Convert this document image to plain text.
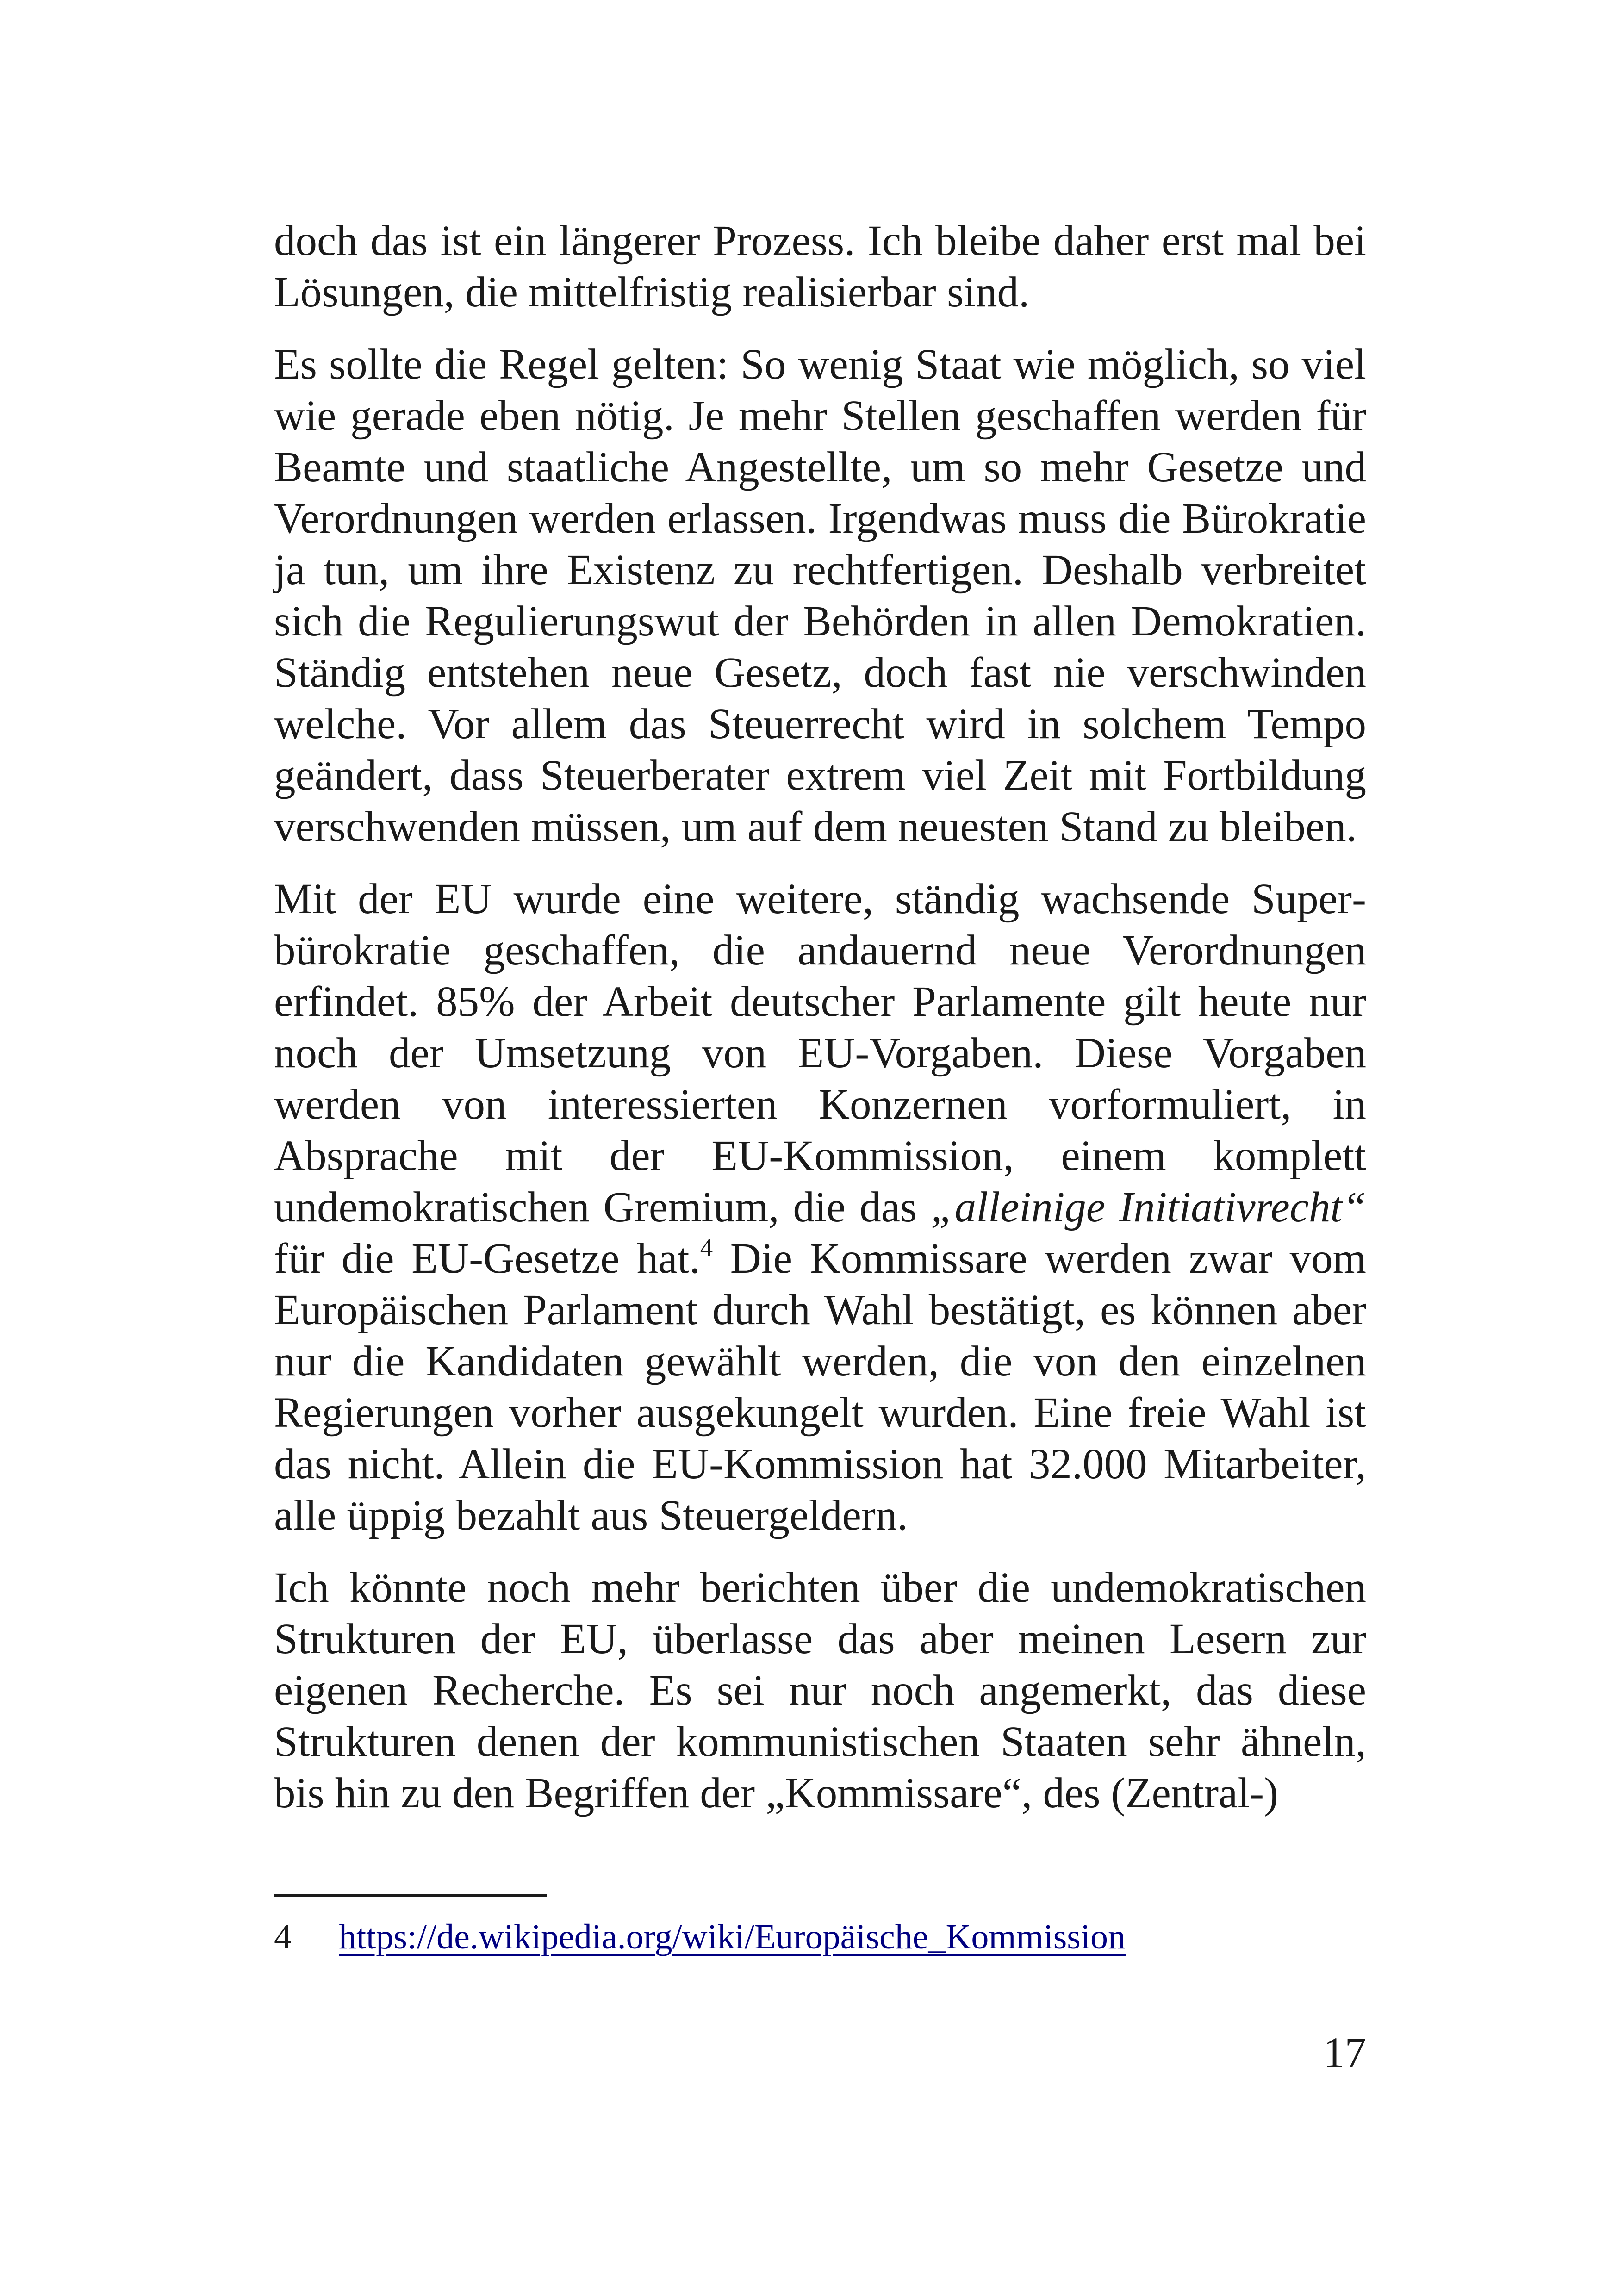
doch das ist ein längerer Prozess. Ich bleibe daher erst mal bei Lösungen, die mittelfristig realisierbar sind.

Es sollte die Regel gelten: So wenig Staat wie möglich, so viel wie gerade eben nötig. Je mehr Stellen geschaffen werden für Beamte und staatliche Angestellte, um so mehr Gesetze und Verordnungen werden erlassen. Irgendwas muss die Bürokratie ja tun, um ihre Existenz zu rechtfertigen. Deshalb verbreitet sich die Regulierungswut der Behörden in allen Demokratien. Ständig entstehen neue Gesetz, doch fast nie verschwinden welche. Vor allem das Steuerrecht wird in solchem Tempo geändert, dass Steuerberater extrem viel Zeit mit Fortbildung verschwenden müssen, um auf dem neuesten Stand zu bleiben.

Mit der EU wurde eine weitere, ständig wachsende Superbürokratie geschaffen, die andauernd neue Verordnungen erfindet. 85% der Arbeit deutscher Parlamente gilt heute nur noch der Umsetzung von EU-Vorgaben. Diese Vorgaben werden von interessierten Konzernen vorformuliert, in Absprache mit der EU-Kommission, einem komplett undemokratischen Gremium, die das „alleinige Initiativrecht“ für die EU-Gesetze hat.$^4$ Die Kommissare werden zwar vom Europäischen Parlament durch Wahl bestätigt, es können aber nur die Kandidaten gewählt werden, die von den einzelnen Regierungen vorher ausgekungelt wurden. Eine freie Wahl ist das nicht. Allein die EU-Kommission hat 32.000 Mitarbeiter, alle üppig bezahlt aus Steuergeldern.

Ich könnte noch mehr berichten über die undemokratischen Strukturen der EU, überlasse das aber meinen Lesern zur eigenen Recherche. Es sei nur noch angemerkt, das diese Strukturen denen der kommunistischen Staaten sehr ähneln, bis hin zu den Begriffen der „Kommissare“, des (Zentral-)

4 https://de.wikipedia.org/wiki/Europäische_Kommission
17
